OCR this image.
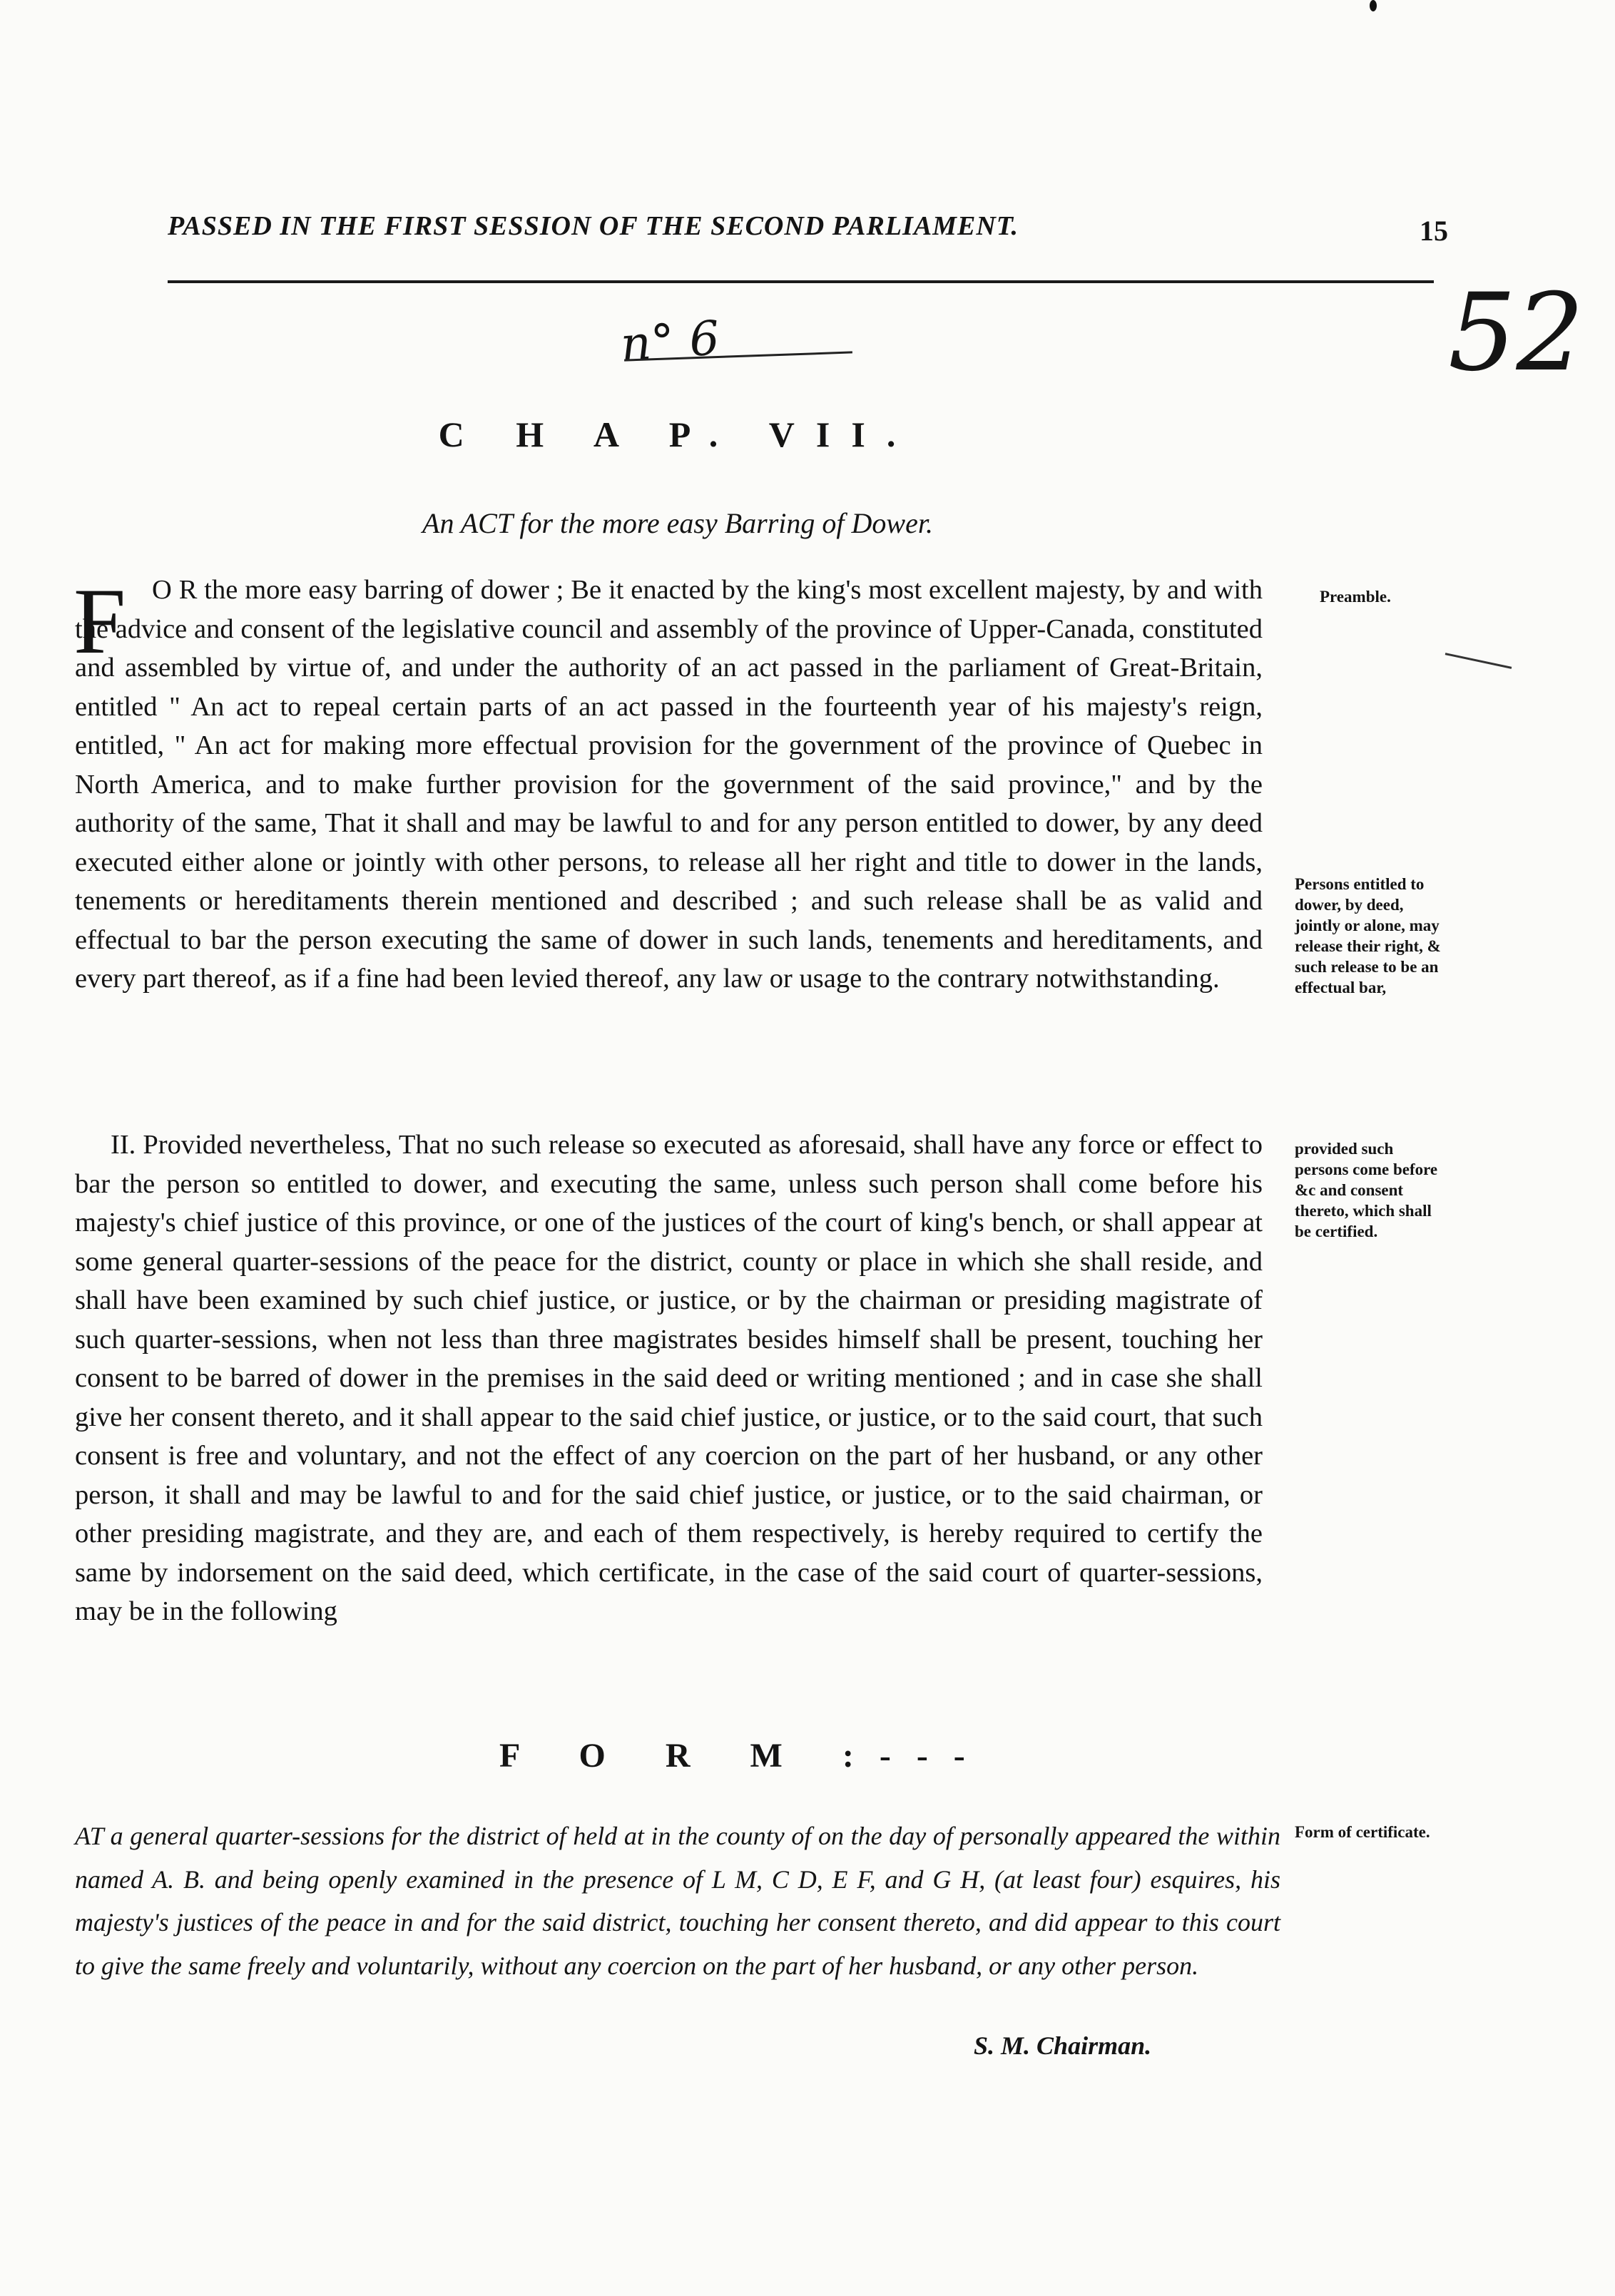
PASSED IN THE FIRST SESSION OF THE SECOND PARLIAMENT.	15
n° 6	52
C H A P. VII.
An ACT for the more easy Barring of Dower.
F O R the more easy barring of dower ; Be it enacted by the king's most excellent majesty, by and with the advice and consent of the legislative council and assembly of the province of Upper-Canada, constituted and assembled by virtue of, and under the authority of an act passed in the parliament of Great-Britain, entitled " An act to repeal certain parts of an act passed in the fourteenth year of his majesty's reign, entitled, " An act for making more effectual provision for the government of the province of Quebec in North America, and to make further provision for the government of the said province," and by the authority of the same, That it shall and may be lawful to and for any person entitled to dower, by any deed executed either alone or jointly with other persons, to release all her right and title to dower in the lands, tenements or hereditaments therein mentioned and described ; and such release shall be as valid and effectual to bar the person executing the same of dower in such lands, tenements and hereditaments, and every part thereof, as if a fine had been levied thereof, any law or usage to the contrary notwithstanding.
II. Provided nevertheless, That no such release so executed as aforesaid, shall have any force or effect to bar the person so entitled to dower, and executing the same, unless such person shall come before his majesty's chief justice of this province, or one of the justices of the court of king's bench, or shall appear at some general quarter-sessions of the peace for the district, county or place in which she shall reside, and shall have been examined by such chief justice, or justice, or by the chairman or presiding magistrate of such quarter-sessions, when not less than three magistrates besides himself shall be present, touching her consent to be barred of dower in the premises in the said deed or writing mentioned ; and in case she shall give her consent thereto, and it shall appear to the said chief justice, or justice, or to the said court, that such consent is free and voluntary, and not the effect of any coercion on the part of her husband, or any other person, it shall and may be lawful to and for the said chief justice, or justice, or to the said chairman, or other presiding magistrate, and they are, and each of them respectively, is hereby required to certify the same by indorsement on the said deed, which certificate, in the case of the said court of quarter-sessions, may be in the following
F O R M :---
AT a general quarter-sessions for the district of held at in the county of on the day of personally appeared the within named A. B. and being openly examined in the presence of L M, C D, E F, and G H, (at least four) esquires, his majesty's justices of the peace in and for the said district, touching her consent thereto, and did appear to this court to give the same freely and voluntarily, without any coercion on the part of her husband, or any other person.
S. M. Chairman.
Preamble.
Persons entitled to dower, by deed, jointly or alone, may release their right, & such release to be an effectual bar,
provided such persons come before &c and consent thereto, which shall be certified.
Form of certificate.
